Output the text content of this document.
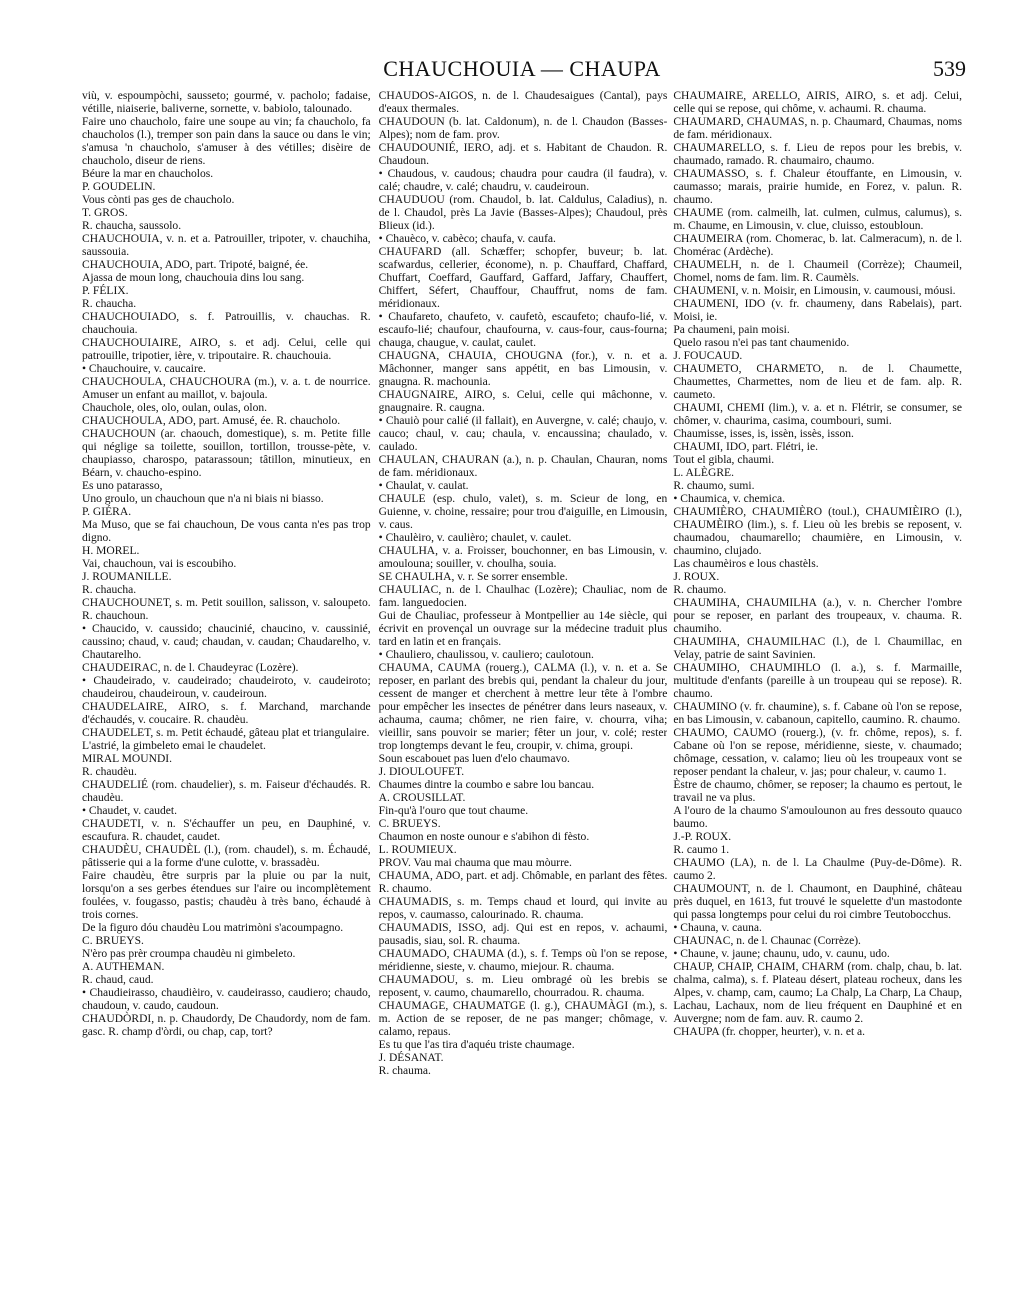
CHAUCHOUIA — CHAUPA	539

viù, v. espoumpòchi, sausseto; gourmé, v. pacholo; fadaise, vétille, niaiserie, baliverne, sornette, v. babiolo, talounado.

Faire uno chaucholo, faire une soupe au vin; fa chaucholo, fa chaucholos (l.), tremper son pain dans la sauce ou dans le vin; s'amusa 'n chaucholo, s'amuser à des vétilles; disèire de chaucholo, diseur de riens.

Béure la mar en chaucholos.

P. GOUDELIN.

Vous cònti pas ges de chaucholo.

T. GROS.

R. chaucha, saussolo.

CHAUCHOUIA, v. n. et a. Patrouiller, tripoter, v. chauchiha, saussouia.

CHAUCHOUIA, ADO, part. Tripoté, baigné, ée.

Ajassa de moun long, chauchouia dins lou sang.

P. FÉLIX.

R. chaucha.

CHAUCHOUIADO, s. f. Patrouillis, v. chauchas. R. chauchouia.

CHAUCHOUIAIRE, AIRO, s. et adj. Celui, celle qui patrouille, tripotier, ière, v. tripoutaire. R. chauchouia.

• Chauchouire, v. caucaire.

CHAUCHOULA, CHAUCHOURA (m.), v. a. t. de nourrice. Amuser un enfant au maillot, v. bajoula.

Chauchole, oles, olo, oulan, oulas, olon.

CHAUCHOULA, ADO, part. Amusé, ée. R. chaucholo.

CHAUCHOUN (ar. chaouch, domestique), s. m. Petite fille qui néglige sa toilette, souillon, tortillon, trousse-pète, v. chaupiasso, charospo, patarassoun; tâtillon, minutieux, en Béarn, v. chaucho-espino.

Es uno patarasso,

Uno groulo, un chauchoun que n'a ni biais ni biasso.

P. GIÉRA.

Ma Muso, que se fai chauchoun, De vous canta n'es pas trop digno.

H. MOREL.

Vai, chauchoun, vai is escoubiho.

J. ROUMANILLE.

R. chaucha.

CHAUCHOUNET, s. m. Petit souillon, salisson, v. saloupeto. R. chauchoun.

• Chaucido, v. caussido; chaucinié, chaucino, v. caussinié, caussino; chaud, v. caud; chaudan, v. caudan; Chaudarelho, v. Chautarelho.

CHAUDEIRAC, n. de l. Chaudeyrac (Lozère).

• Chaudeirado, v. caudeirado; chaudeiroto, v. caudeiroto; chaudeirou, chaudeiroun, v. caudeiroun.

CHAUDELAIRE, AIRO, s. f. Marchand, marchande d'échaudés, v. coucaire. R. chaudèu.

CHAUDELET, s. m. Petit échaudé, gâteau plat et triangulaire.

L'astrié, la gimbeleto emai le chaudelet.

MIRAL MOUNDI.

R. chaudèu.

CHAUDELIÉ (rom. chaudelier), s. m. Faiseur d'échaudés. R. chaudèu.

• Chaudet, v. caudet.

CHAUDETI, v. n. S'échauffer un peu, en Dauphiné, v. escaufura. R. chaudet, caudet.

CHAUDÈU, CHAUDÈL (l.), (rom. chaudel), s. m. Échaudé, pâtisserie qui a la forme d'une culotte, v. brassadèu.

Faire chaudèu, être surpris par la pluie ou par la nuit, lorsqu'on a ses gerbes étendues sur l'aire ou incomplètement foulées, v. fougasso, pastis; chaudèu à très bano, échaudé à trois cornes.

De la figuro dóu chaudèu Lou matrimòni s'acoumpagno.

C. BRUEYS.

N'èro pas prèr croumpa chaudèu ni gimbeleto.

A. AUTHEMAN.

R. chaud, caud.

• Chaudieirasso, chaudièiro, v. caudeirasso, caudiero; chaudo, chaudoun, v. caudo, caudoun.

CHAUDÒRDI, n. p. Chaudordy, De Chaudordy, nom de fam. gasc. R. champ d'òrdi, ou chap, cap, tort?

CHAUDOS-AIGOS, n. de l. Chaudesaigues (Cantal), pays d'eaux thermales.

CHAUDOUN (b. lat. Caldonum), n. de l. Chaudon (Basses-Alpes); nom de fam. prov.

CHAUDOUNIÉ, IERO, adj. et s. Habitant de Chaudon. R. Chaudoun.

• Chaudous, v. caudous; chaudra pour caudra (il faudra), v. calé; chaudre, v. calé; chaudru, v. caudeiroun.

CHAUDUOU (rom. Chaudol, b. lat. Caldulus, Caladius), n. de l. Chaudol, près La Javie (Basses-Alpes); Chaudoul, près Blieux (id.).

• Chauèco, v. cabèco; chaufa, v. caufa.

CHAUFARD (all. Schæffer; schopfer, buveur; b. lat. scafwardus, cellerier, économe), n. p. Chauffard, Chaffard, Chuffart, Coeffard, Gauffard, Gaffard, Jaffary, Chauffert, Chiffert, Séfert, Chauffour, Chauffrut, noms de fam. méridionaux.

• Chaufareto, chaufeto, v. caufetò, escaufeto; chaufo-lié, v. escaufo-lié; chaufour, chaufourna, v. caus-four, caus-fourna; chauga, chaugue, v. caulat, caulet.

CHAUGNA, CHAUIA, CHOUGNA (for.), v. n. et a. Mâchonner, manger sans appétit, en bas Limousin, v. gnaugna. R. machounia.

CHAUGNAIRE, AIRO, s. Celui, celle qui mâchonne, v. gnaugnaire. R. caugna.

• Chauiò pour calié (il fallait), en Auvergne, v. calé; chaujo, v. cauco; chaul, v. cau; chaula, v. encaussina; chaulado, v. caulado.

CHAULAN, CHAURAN (a.), n. p. Chaulan, Chauran, noms de fam. méridionaux.

• Chaulat, v. caulat.

CHAULE (esp. chulo, valet), s. m. Scieur de long, en Guienne, v. choine, ressaire; pour trou d'aiguille, en Limousin, v. caus.

• Chaulèiro, v. caulièro; chaulet, v. caulet.

CHAULHA, v. a. Froisser, bouchonner, en bas Limousin, v. amoulouna; souiller, v. choulha, souia.

SE CHAULHA, v. r. Se sorrer ensemble.

CHAULIAC, n. de l. Chaulhac (Lozère); Chauliac, nom de fam. languedocien.

Gui de Chauliac, professeur à Montpellier au 14e siècle, qui écrivit en provençal un ouvrage sur la médecine traduit plus tard en latin et en français.

• Chauliero, chaulissou, v. cauliero; caulotoun.

CHAUMA, CAUMA (rouerg.), CALMA (l.), v. n. et a. Se reposer, en parlant des brebis qui, pendant la chaleur du jour, cessent de manger et cherchent à mettre leur tête à l'ombre pour empêcher les insectes de pénétrer dans leurs naseaux, v. achauma, cauma; chômer, ne rien faire, v. chourra, viha; vieillir, sans pouvoir se marier; fêter un jour, v. colé; rester trop longtemps devant le feu, croupir, v. chima, groupi.

Soun escabouet pas luen d'elo chaumavo.

J. DIOULOUFET.

Chaumes dintre la coumbo e sabre lou bancau.

A. CROUSILLAT.

Fin-qu'à l'ouro que tout chaume.

C. BRUEYS.

Chaumon en noste ounour e s'abihon di fèsto.

L. ROUMIEUX.

PROV. Vau mai chauma que mau mòurre.

CHAUMA, ADO, part. et adj. Chômable, en parlant des fêtes. R. chaumo.

CHAUMADIS, s. m. Temps chaud et lourd, qui invite au repos, v. caumasso, calourinado. R. chauma.

CHAUMADIS, ISSO, adj. Qui est en repos, v. achaumi, pausadis, siau, sol. R. chauma.

CHAUMADO, CHAUMA (d.), s. f. Temps où l'on se repose, méridienne, sieste, v. chaumo, miejour. R. chauma.

CHAUMADOU, s. m. Lieu ombragé où les brebis se reposent, v. caumo, chaumarello, chourradou. R. chauma.

CHAUMAGE, CHAUMATGE (l. g.), CHAUMÀGI (m.), s. m. Action de se reposer, de ne pas manger; chômage, v. calamo, repaus.

Es tu que l'as tira d'aquéu triste chaumage.

J. DÉSANAT.

R. chauma.

CHAUMAIRE, ARELLO, AIRIS, AIRO, s. et adj. Celui, celle qui se repose, qui chôme, v. achaumi. R. chauma.

CHAUMARD, CHAUMAS, n. p. Chaumard, Chaumas, noms de fam. méridionaux.

CHAUMARELLO, s. f. Lieu de repos pour les brebis, v. chaumado, ramado. R. chaumairo, chaumo.

CHAUMASSO, s. f. Chaleur étouffante, en Limousin, v. caumasso; marais, prairie humide, en Forez, v. palun. R. chaumo.

CHAUME (rom. calmeilh, lat. culmen, culmus, calumus), s. m. Chaume, en Limousin, v. clue, cluisso, estoubloun.

CHAUMEIRA (rom. Chomerac, b. lat. Calmeracum), n. de l. Chomérac (Ardèche).

CHAUMELH, n. de l. Chaumeil (Corrèze); Chaumeil, Chomel, noms de fam. lim. R. Caumèls.

CHAUMENI, v. n. Moisir, en Limousin, v. caumousi, móusi.

CHAUMENI, IDO (v. fr. chaumeny, dans Rabelais), part. Moisi, ie.

Pa chaumeni, pain moisi.

Quelo rasou n'ei pas tant chaumenido.

J. FOUCAUD.

CHAUMETO, CHARMETO, n. de l. Chaumette, Chaumettes, Charmettes, nom de lieu et de fam. alp. R. caumeto.

CHAUMI, CHEMI (lim.), v. a. et n. Flétrir, se consumer, se chômer, v. chaurima, casima, coumbouri, sumi.

Chaumisse, isses, is, issèn, issès, isson.

CHAUMI, IDO, part. Flétri, ie.

Tout el gibla, chaumi.

L. ALÈGRE.

R. chaumo, sumi.

• Chaumica, v. chemica.

CHAUMIÈRO, CHAUMIÈRO (toul.), CHAUMIÈIRO (l.), CHAUMÈIRO (lim.), s. f. Lieu où les brebis se reposent, v. chaumadou, chaumarello; chaumière, en Limousin, v. chaumino, clujado.

Las chaumèiros e lous chastèls.

J. ROUX.

R. chaumo.

CHAUMIHA, CHAUMILHA (a.), v. n. Chercher l'ombre pour se reposer, en parlant des troupeaux, v. chauma. R. chaumiho.

CHAUMIHA, CHAUMILHAC (l.), de l. Chaumillac, en Velay, patrie de saint Savinien.

CHAUMIHO, CHAUMIHLO (l. a.), s. f. Marmaille, multitude d'enfants (pareille à un troupeau qui se repose). R. chaumo.

CHAUMINO (v. fr. chaumine), s. f. Cabane où l'on se repose, en bas Limousin, v. cabanoun, capitello, caumino. R. chaumo.

CHAUMO, CAUMO (rouerg.), (v. fr. chôme, repos), s. f. Cabane où l'on se repose, méridienne, sieste, v. chaumado; chômage, cessation, v. calamo; lieu où les troupeaux vont se reposer pendant la chaleur, v. jas; pour chaleur, v. caumo 1.

Èstre de chaumo, chômer, se reposer; la chaumo es pertout, le travail ne va plus.

A l'ouro de la chaumo S'amoulounon au fres dessouto quauco baumo.

J.-P. ROUX.

R. caumo 1.

CHAUMO (LA), n. de l. La Chaulme (Puy-de-Dôme). R. caumo 2.

CHAUMOUNT, n. de l. Chaumont, en Dauphiné, château près duquel, en 1613, fut trouvé le squelette d'un mastodonte qui passa longtemps pour celui du roi cimbre Teutobocchus.

• Chauna, v. cauna.

CHAUNAC, n. de l. Chaunac (Corrèze).

• Chaune, v. jaune; chaunu, udo, v. caunu, udo.

CHAUP, CHAIP, CHAIM, CHARM (rom. chalp, chau, b. lat. chalma, calma), s. f. Plateau désert, plateau rocheux, dans les Alpes, v. champ, cam, caumo; La Chalp, La Charp, La Chaup, Lachau, Lachaux, nom de lieu fréquent en Dauphiné et en Auvergne; nom de fam. auv. R. caumo 2.

CHAUPA (fr. chopper, heurter), v. n. et a.
